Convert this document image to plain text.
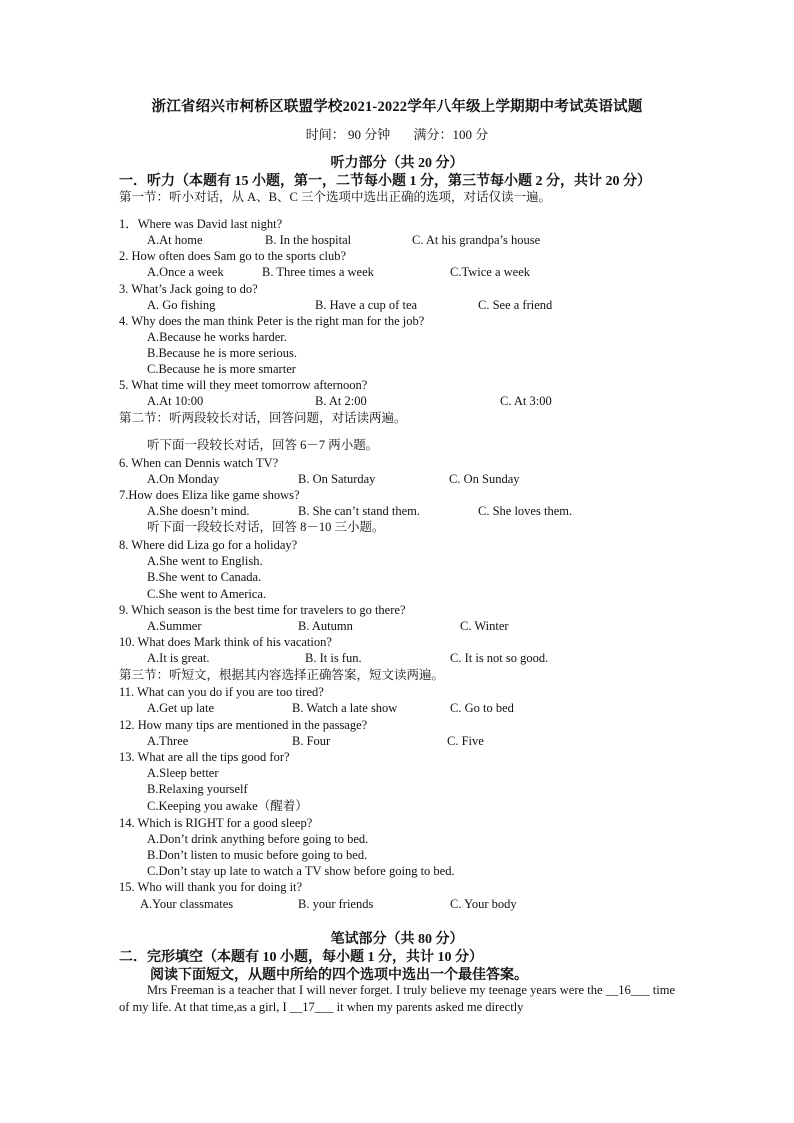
浙江省绍兴市柯桥区联盟学校2021-2022学年八年级上学期期中考试英语试题
时间： 90 分钟 满分：100 分
听力部分（共 20 分）
一．听力（本题有 15 小题，第一，二节每小题 1 分，第三节每小题 2 分，共计 20 分）
第一节：听小对话，从 A、B、C 三个选项中选出正确的选项，对话仅读一遍。
1．Where was David last night?
A.At home	B. In the hospital	C. At his grandpa’s house
2. How often does Sam go to the sports club?
A.Once a week	B. Three times a week	C.Twice a week
3. What’s Jack going to do?
A. Go fishing	B. Have a cup of tea	C. See a friend
4. Why does the man think Peter is the right man for the job?
A.Because he works harder.
B.Because he is more serious.
C.Because he is more smarter
5. What time will they meet tomorrow afternoon?
A.At 10:00	B. At 2:00	C. At 3:00
第二节：听两段较长对话，回答问题，对话读两遍。
听下面一段较长对话，回答 6－7 两小题。
6. When can Dennis watch TV?
A.On Monday	B. On Saturday	C. On Sunday
7.How does Eliza like game shows?
A.She doesn’t mind.	B. She can’t stand them.	C. She loves them.
听下面一段较长对话，回答 8－10 三小题。
8. Where did Liza go for a holiday?
A.She went to English.
B.She went to Canada.
C.She went to America.
9. Which season is the best time for travelers to go there?
A.Summer	B. Autumn	C. Winter
10. What does Mark think of his vacation?
A.It is great.	B. It is fun.	C. It is not so good.
第三节：听短文，根据其内容选择正确答案，短文读两遍。
11. What can you do if you are too tired?
A.Get up late	B. Watch a late show	C. Go to bed
12. How many tips are mentioned in the passage?
A.Three	B. Four	C. Five
13. What are all the tips good for?
A.Sleep better
B.Relaxing yourself
C.Keeping you awake（醒着）
14. Which is RIGHT for a good sleep?
A.Don’t drink anything before going to bed.
B.Don’t listen to music before going to bed.
C.Don’t stay up late to watch a TV show before going to bed.
15. Who will thank you for doing it?
A.Your classmates	B. your friends	C. Your body
笔试部分（共 80 分）
二．完形填空（本题有 10 小题，每小题 1 分，共计 10 分）
阅读下面短文，从题中所给的四个选项中选出一个最佳答案。
Mrs Freeman is a teacher that I will never forget. I truly believe my teenage years were the __16___ time of my life. At that time,as a girl, I __17___ it when my parents asked me directly
